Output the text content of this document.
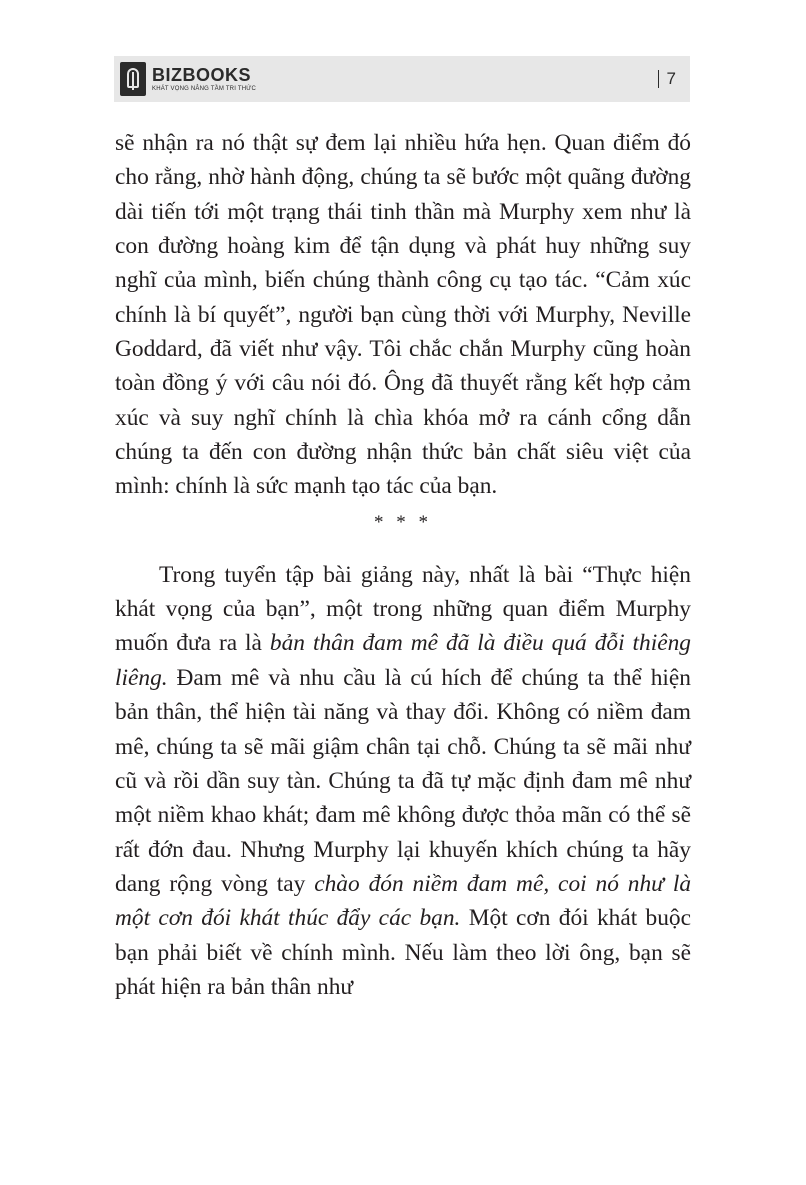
BIZBOOKS
KHÁT VỌNG NÂNG TẦM TRI THỨC
7

sẽ nhận ra nó thật sự đem lại nhiều hứa hẹn. Quan điểm đó cho rằng, nhờ hành động, chúng ta sẽ bước một quãng đường dài tiến tới một trạng thái tinh thần mà Murphy xem như là con đường hoàng kim để tận dụng và phát huy những suy nghĩ của mình, biến chúng thành công cụ tạo tác. “Cảm xúc chính là bí quyết”, người bạn cùng thời với Murphy, Neville Goddard, đã viết như vậy. Tôi chắc chắn Murphy cũng hoàn toàn đồng ý với câu nói đó. Ông đã thuyết rằng kết hợp cảm xúc và suy nghĩ chính là chìa khóa mở ra cánh cổng dẫn chúng ta đến con đường nhận thức bản chất siêu việt của mình: chính là sức mạnh tạo tác của bạn.

* * *

Trong tuyển tập bài giảng này, nhất là bài “Thực hiện khát vọng của bạn”, một trong những quan điểm Murphy muốn đưa ra là bản thân đam mê đã là điều quá đỗi thiêng liêng. Đam mê và nhu cầu là cú hích để chúng ta thể hiện bản thân, thể hiện tài năng và thay đổi. Không có niềm đam mê, chúng ta sẽ mãi giậm chân tại chỗ. Chúng ta sẽ mãi như cũ và rồi dần suy tàn. Chúng ta đã tự mặc định đam mê như một niềm khao khát; đam mê không được thỏa mãn có thể sẽ rất đớn đau. Nhưng Murphy lại khuyến khích chúng ta hãy dang rộng vòng tay chào đón niềm đam mê, coi nó như là một cơn đói khát thúc đẩy các bạn. Một cơn đói khát buộc bạn phải biết về chính mình. Nếu làm theo lời ông, bạn sẽ phát hiện ra bản thân như
